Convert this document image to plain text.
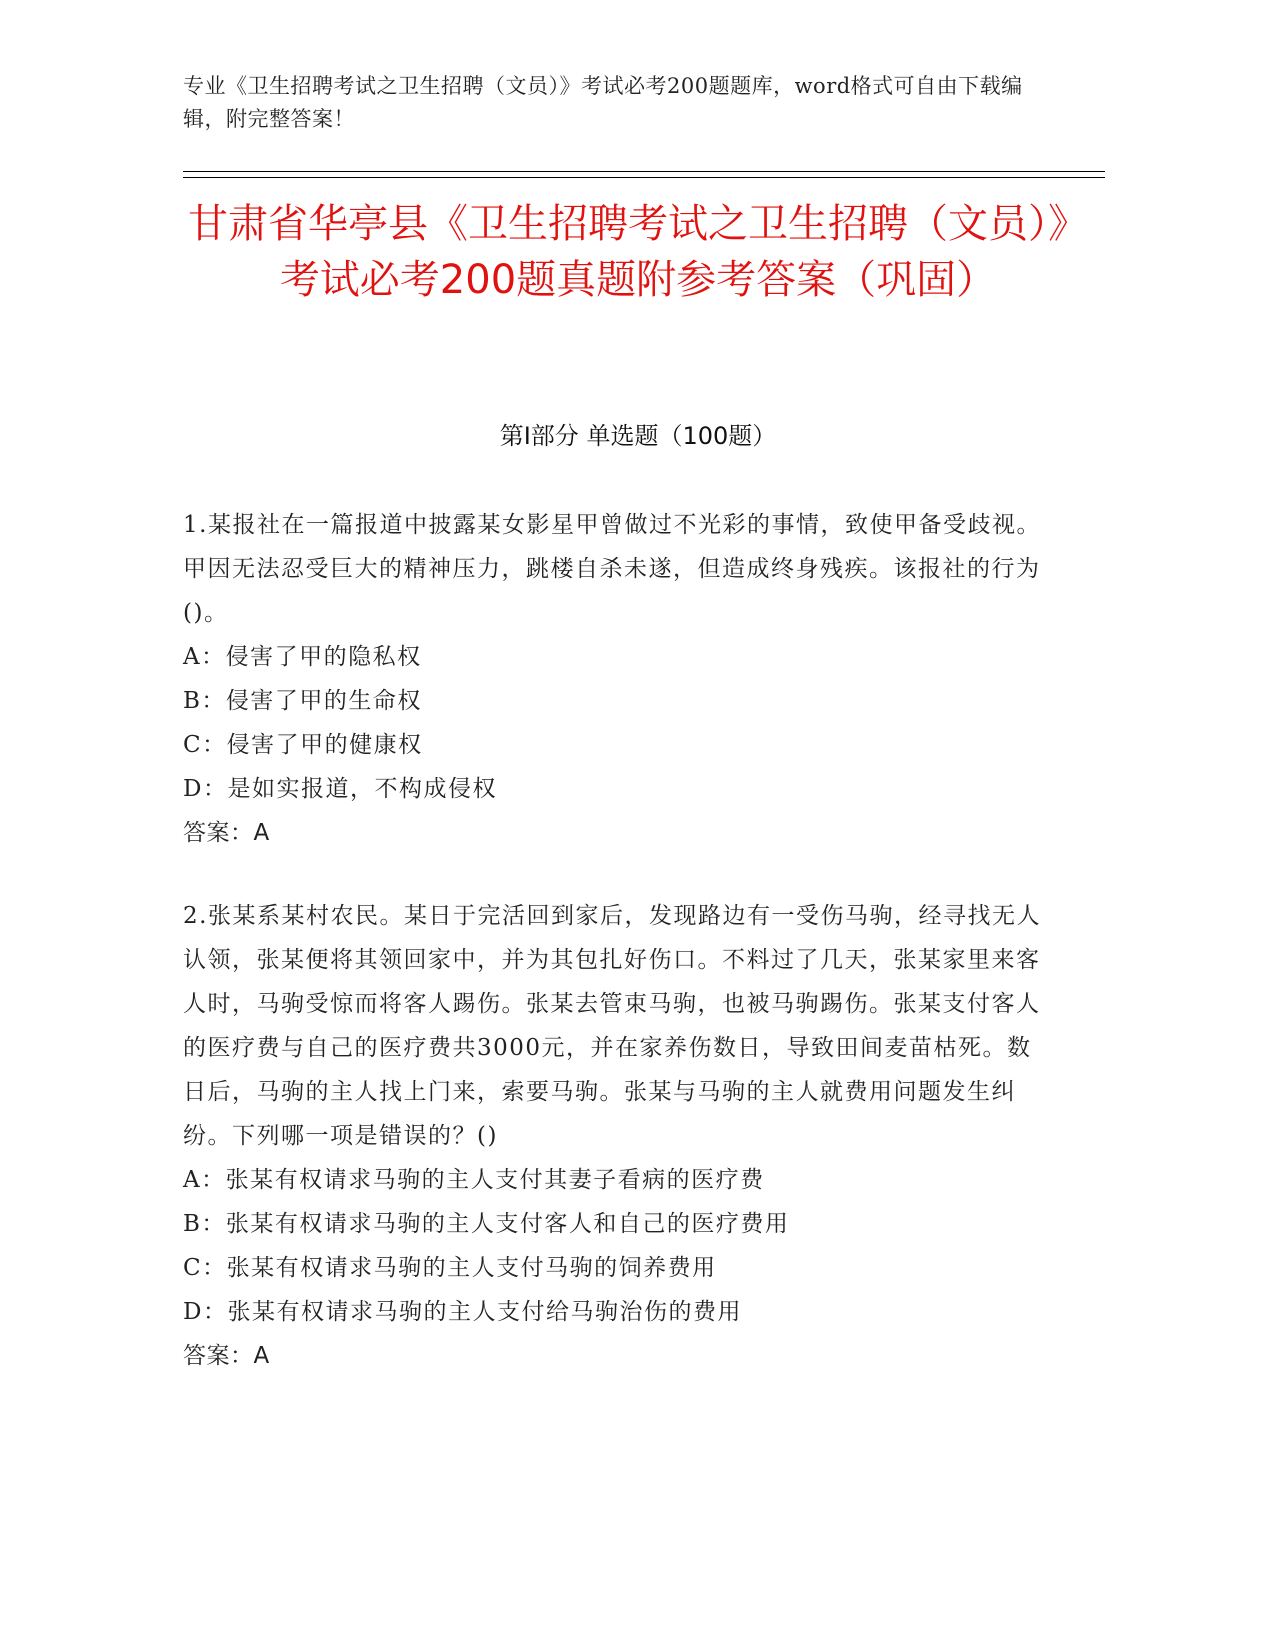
专业《卫生招聘考试之卫生招聘（文员）》考试必考200题题库，word格式可自由下载编辑，附完整答案！
甘肃省华亭县《卫生招聘考试之卫生招聘（文员）》考试必考200题真题附参考答案（巩固）
第Ⅰ部分 单选题（100题）
1.某报社在一篇报道中披露某女影星甲曾做过不光彩的事情，致使甲备受歧视。甲因无法忍受巨大的精神压力，跳楼自杀未遂，但造成终身残疾。该报社的行为()。
A：侵害了甲的隐私权
B：侵害了甲的生命权
C：侵害了甲的健康权
D：是如实报道，不构成侵权
答案：A
2.张某系某村农民。某日于完活回到家后，发现路边有一受伤马驹，经寻找无人认领，张某便将其领回家中，并为其包扎好伤口。不料过了几天，张某家里来客人时，马驹受惊而将客人踢伤。张某去管束马驹，也被马驹踢伤。张某支付客人的医疗费与自己的医疗费共3000元，并在家养伤数日，导致田间麦苗枯死。数日后，马驹的主人找上门来，索要马驹。张某与马驹的主人就费用问题发生纠纷。下列哪一项是错误的？()
A：张某有权请求马驹的主人支付其妻子看病的医疗费
B：张某有权请求马驹的主人支付客人和自己的医疗费用
C：张某有权请求马驹的主人支付马驹的饲养费用
D：张某有权请求马驹的主人支付给马驹治伤的费用
答案：A
